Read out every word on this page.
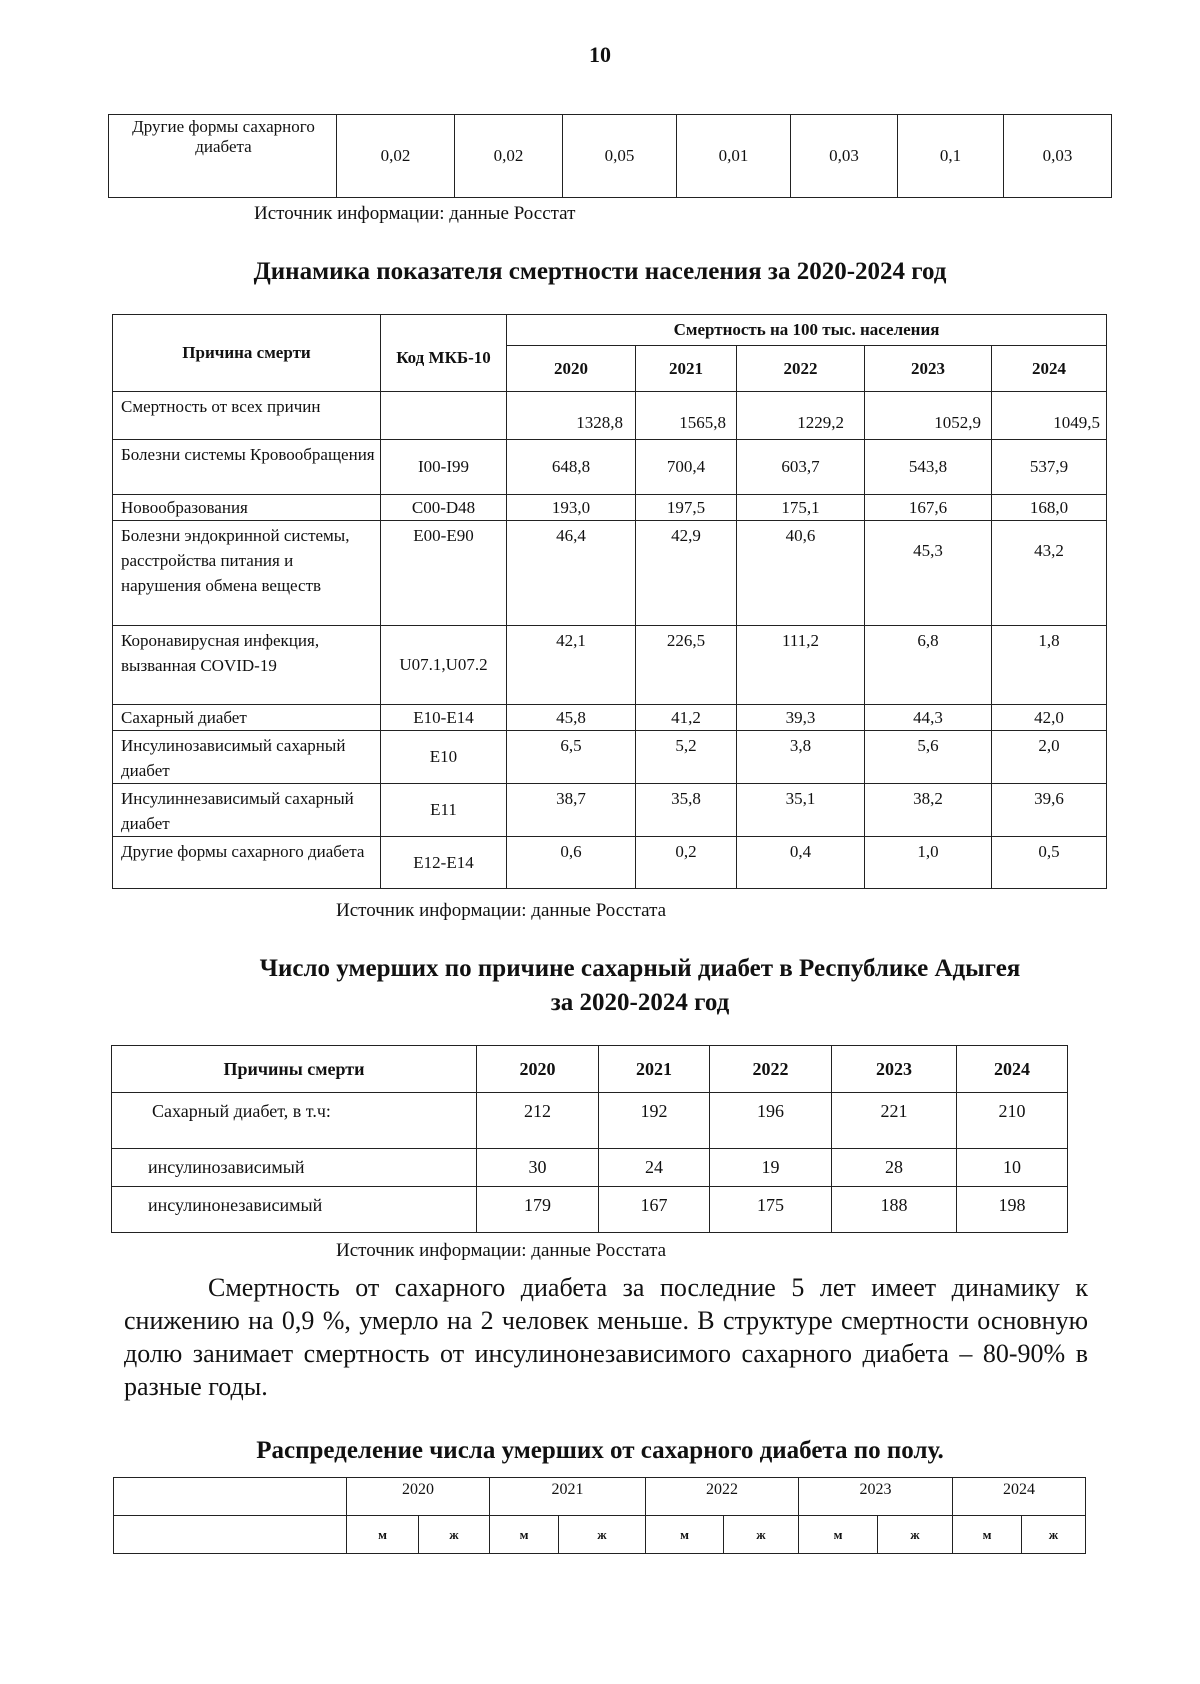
10
Другие формы сахарного диабета	0,02	0,02	0,05	0,01	0,03	0,1	0,03
Источник информации: данные Росстат
Динамика показателя смертности населения за 2020-2024 год
Причина смерти	Код МКБ-10	Смертность на 100 тыс. населения				
		2020	2021	2022	2023	2024
Смертность от всех причин		1328,8	1565,8	1229,2	1052,9	1049,5
Болезни системы Кровообращения	I00-I99	648,8	700,4	603,7	543,8	537,9
Новообразования	C00-D48	193,0	197,5	175,1	167,6	168,0
Болезни эндокринной системы, расстройства питания и нарушения обмена веществ	E00-E90	46,4	42,9	40,6	45,3	43,2
Коронавирусная инфекция, вызванная COVID-19	U07.1,U07.2	42,1	226,5	111,2	6,8	1,8
Сахарный диабет	E10-E14	45,8	41,2	39,3	44,3	42,0
Инсулинозависимый сахарный диабет	E10	6,5	5,2	3,8	5,6	2,0
Инсулиннезависимый сахарный диабет	E11	38,7	35,8	35,1	38,2	39,6
Другие формы сахарного диабета	E12-E14	0,6	0,2	0,4	1,0	0,5
Источник информации: данные Росстата
Число умерших по причине сахарный диабет в Республике Адыгея
за 2020-2024 год
Причины смерти	2020	2021	2022	2023	2024
Сахарный диабет, в т.ч:	212	192	196	221	210
инсулинозависимый	30	24	19	28	10
инсулинонезависимый	179	167	175	188	198
Источник информации: данные Росстата
Смертность от сахарного диабета за последние 5 лет имеет динамику к снижению на 0,9 %, умерло на 2 человек меньше. В структуре смертности основную долю занимает смертность от инсулинонезависимого сахарного диабета – 80-90% в разные годы.
Распределение числа умерших от сахарного диабета по полу.
	2020		2021		2022		2023		2024	
	м	ж	м	ж	м	ж	м	ж	м	ж
